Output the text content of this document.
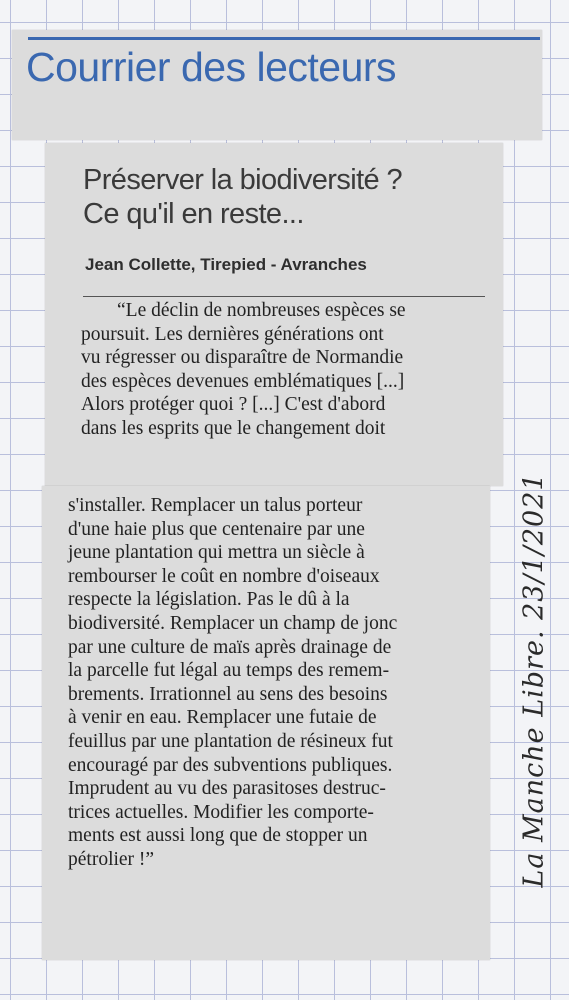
Courrier des lecteurs
Préserver la biodiversité ?
Ce qu'il en reste...
Jean Collette, Tirepied - Avranches
“Le déclin de nombreuses espèces se
poursuit. Les dernières générations ont
vu régresser ou disparaître de Normandie
des espèces devenues emblématiques [...]
Alors protéger quoi ? [...] C'est d'abord
dans les esprits que le changement doit
s'installer. Remplacer un talus porteur
d'une haie plus que centenaire par une
jeune plantation qui mettra un siècle à
rembourser le coût en nombre d'oiseaux
respecte la législation. Pas le dû à la
biodiversité. Remplacer un champ de jonc
par une culture de maïs après drainage de
la parcelle fut légal au temps des remem-
brements. Irrationnel au sens des besoins
à venir en eau. Remplacer une futaie de
feuillus par une plantation de résineux fut
encouragé par des subventions publiques.
Imprudent au vu des parasitoses destruc-
trices actuelles. Modifier les comporte-
ments est aussi long que de stopper un
pétrolier !”	La Manche Libre. 23/1/2021
